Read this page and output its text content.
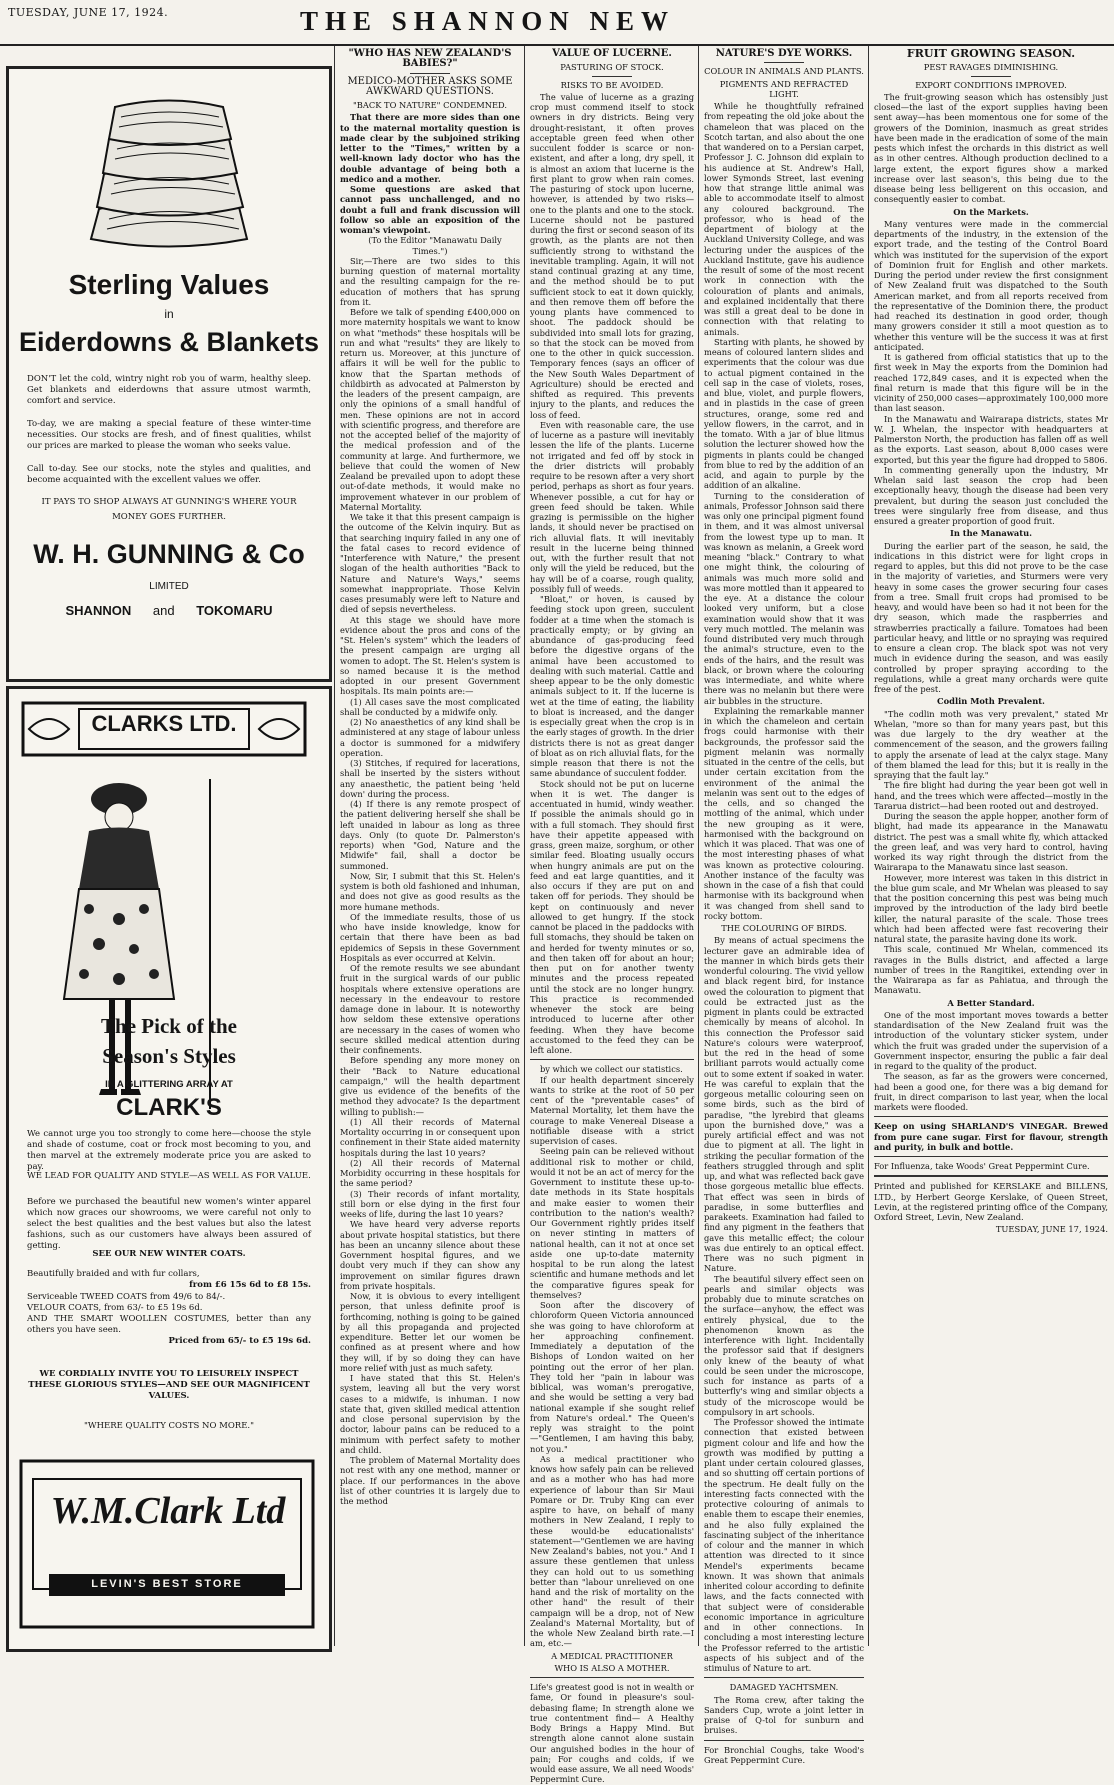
TUESDAY, JUNE 17, 1924.	THE SHANNON NEW
Sterling Values
in
Eiderdowns & Blankets
DON'T let the cold, wintry night rob you of warm, healthy sleep. Get blankets and eiderdowns that assure utmost warmth, comfort and service.
To-day, we are making a special feature of these winter-time necessities. Our stocks are fresh, and of finest qualities, whilst our prices are marked to please the woman who seeks value.
Call to-day. See our stocks, note the styles and qualities, and become acquainted with the excellent values we offer.
IT PAYS TO SHOP ALWAYS AT GUNNING'S WHERE YOUR
MONEY GOES FURTHER.
W. H. GUNNING & Co
LIMITED
SHANNON and TOKOMARU
CLARKS LTD.
The Pick of the
Season's Styles
IN A GLITTERING ARRAY AT
CLARK'S
We cannot urge you too strongly to come here—choose the style and shade of costume, coat or frock most becoming to you, and then marvel at the extremely moderate price you are asked to pay.
WE LEAD FOR QUALITY AND STYLE—AS WELL AS FOR VALUE.
Before we purchased the beautiful new women's winter apparel which now graces our showrooms, we were careful not only to select the best qualities and the best values but also the latest fashions, such as our customers have always been assured of getting.
SEE OUR NEW WINTER COATS.
Beautifully braided and with fur collars,
from £6 15s 6d to £8 15s.
Serviceable TWEED COATS from 49/6 to 84/-.
VELOUR COATS, from 63/- to £5 19s 6d.
AND THE SMART WOOLLEN COSTUMES, better than any others you have seen.
Priced from 65/- to £5 19s 6d.
WE CORDIALLY INVITE YOU TO LEISURELY INSPECT THESE GLORIOUS STYLES—AND SEE OUR MAGNIFICENT VALUES.
"WHERE QUALITY COSTS NO MORE."
W.M.Clark Ltd
LEVIN'S BEST STORE
"WHO HAS NEW ZEALAND'S BABIES?"
MEDICO-MOTHER ASKS SOME AWKWARD QUESTIONS.
"BACK TO NATURE" CONDEMNED.

That there are more sides than one to the maternal mortality question is made clear by the subjoined striking letter to the "Times," written by a well-known lady doctor who has the double advantage of being both a medico and a mother.

Some questions are asked that cannot pass unchallenged, and no doubt a full and frank discussion will follow so able an exposition of the woman's viewpoint.

(To the Editor "Manawatu Daily Times.")

Sir,—There are two sides to this burning question of maternal mortality and the resulting campaign for the re-education of mothers that has sprung from it.

Before we talk of spending £400,000 on more maternity hospitals we want to know on what "methods" these hospitals will be run and what "results" they are likely to return us. Moreover, at this juncture of affairs it will be well for the public to know that the Spartan methods of childbirth as advocated at Palmerston by the leaders of the present campaign, are only the opinions of a small handful of men. These opinions are not in accord with scientific progress, and therefore are not the accepted belief of the majority of the medical profession and of the community at large. And furthermore, we believe that could the women of New Zealand be prevailed upon to adopt these out-of-date methods, it would make no improvement whatever in our problem of Maternal Mortality.

We take it that this present campaign is the outcome of the Kelvin inquiry. But as that searching inquiry failed in any one of the fatal cases to record evidence of "Interference with Nature," the present slogan of the health authorities "Back to Nature and Nature's Ways," seems somewhat inappropriate. Those Kelvin cases presumably were left to Nature and died of sepsis nevertheless.

At this stage we should have more evidence about the pros and cons of the "St. Helen's system" which the leaders of the present campaign are urging all women to adopt. The St. Helen's system is so named because it is the method adopted in our present Government hospitals. Its main points are:—

(1) All cases save the most complicated shall be conducted by a midwife only.

(2) No anaesthetics of any kind shall be administered at any stage of labour unless a doctor is summoned for a midwifery operation.

(3) Stitches, if required for lacerations, shall be inserted by the sisters without any anaesthetic, the patient being 'held down' during the process.

(4) If there is any remote prospect of the patient delivering herself she shall be left unaided in labour as long as three days. Only (to quote Dr. Palmerston's reports) when "God, Nature and the Midwife" fail, shall a doctor be summoned.

Now, Sir, I submit that this St. Helen's system is both old fashioned and inhuman, and does not give as good results as the more humane methods.

Of the immediate results, those of us who have inside knowledge, know for certain that there have been as bad epidemics of Sepsis in these Government Hospitals as ever occurred at Kelvin.

Of the remote results we see abundant fruit in the surgical wards of our public hospitals where extensive operations are necessary in the endeavour to restore damage done in labour. It is noteworthy how seldom these extensive operations are necessary in the cases of women who secure skilled medical attention during their confinements.

Before spending any more money on their "Back to Nature educational campaign," will the health department give us evidence of the benefits of the method they advocate? Is the department willing to publish:—

(1) All their records of Maternal Mortality occurring in or consequent upon confinement in their State aided maternity hospitals during the last 10 years?

(2) All their records of Maternal Morbidity occurring in these hospitals for the same period?

(3) Their records of infant mortality, still born or else dying in the first four weeks of life, during the last 10 years?

We have heard very adverse reports about private hospital statistics, but there has been an uncanny silence about these Government hospital figures, and we doubt very much if they can show any improvement on similar figures drawn from private hospitals.

Now, it is obvious to every intelligent person, that unless definite proof is forthcoming, nothing is going to be gained by all this propaganda and projected expenditure. Better let our women be confined as at present where and how they will, if by so doing they can have more relief with just as much safety.

I have stated that this St. Helen's system, leaving all but the very worst cases to a midwife, is inhuman. I now state that, given skilled medical attention and close personal supervision by the doctor, labour pains can be reduced to a minimum with perfect safety to mother and child.

The problem of Maternal Mortality does not rest with any one method, manner or place. If our performances in the above list of other countries it is largely due to the method

VALUE OF LUCERNE.
PASTURING OF STOCK.
RISKS TO BE AVOIDED.

The value of lucerne as a grazing crop must commend itself to stock owners in dry districts. Being very drought-resistant, it often proves acceptable green feed when other succulent fodder is scarce or non-existent, and after a long, dry spell, it is almost an axiom that lucerne is the first plant to grow when rain comes. The pasturing of stock upon lucerne, however, is attended by two risks—one to the plants and one to the stock. Lucerne should not be pastured during the first or second season of its growth, as the plants are not then sufficiently strong to withstand the inevitable trampling. Again, it will not stand continual grazing at any time, and the method should be to put sufficient stock to eat it down quickly, and then remove them off before the young plants have commenced to shoot. The paddock should be subdivided into small lots for grazing, so that the stock can be moved from one to the other in quick succession. Temporary fences (says an officer of the New South Wales Department of Agriculture) should be erected and shifted as required. This prevents injury to the plants, and reduces the loss of feed.

Even with reasonable care, the use of lucerne as a pasture will inevitably lessen the life of the plants. Lucerne not irrigated and fed off by stock in the drier districts will probably require to be resown after a very short period, perhaps as short as four years. Whenever possible, a cut for hay or green feed should be taken. While grazing is permissible on the higher lands, it should never be practised on rich alluvial flats. It will inevitably result in the lucerne being thinned out, with the further result that not only will the yield be reduced, but the hay will be of a coarse, rough quality, possibly full of weeds.

"Bloat," or hoven, is caused by feeding stock upon green, succulent fodder at a time when the stomach is practically empty; or by giving an abundance of gas-producing feed before the digestive organs of the animal have been accustomed to dealing with such material. Cattle and sheep appear to be the only domestic animals subject to it. If the lucerne is wet at the time of eating, the liability to bloat is increased, and the danger is especially great when the crop is in the early stages of growth. In the drier districts there is not as great danger of bloat as on rich alluvial flats, for the simple reason that there is not the same abundance of succulent fodder.

Stock should not be put on lucerne when it is wet. The danger is accentuated in humid, windy weather. If possible the animals should go in with a full stomach. They should first have their appetite appeased with grass, green maize, sorghum, or other similar feed. Bloating usually occurs when hungry animals are put on the feed and eat large quantities, and it also occurs if they are put on and taken off for periods. They should be kept on continuously and never allowed to get hungry. If the stock cannot be placed in the paddocks with full stomachs, they should be taken on and herded for twenty minutes or so, and then taken off for about an hour; then put on for another twenty minutes and the process repeated until the stock are no longer hungry. This practice is recommended whenever the stock are being introduced to lucerne after other feeding. When they have become accustomed to the feed they can be left alone.

by which we collect our statistics.

If our health department sincerely wants to strike at the root of 50 per cent of the "preventable cases" of Maternal Mortality, let them have the courage to make Venereal Disease a notifiable disease with a strict supervision of cases.

Seeing pain can be relieved without additional risk to mother or child, would it not be an act of mercy for the Government to institute these up-to-date methods in its State hospitals and make easier to women their contribution to the nation's wealth? Our Government rightly prides itself on never stinting in matters of national health, can it not at once set aside one up-to-date maternity hospital to be run along the latest scientific and humane methods and let the comparative figures speak for themselves?

Soon after the discovery of chloroform Queen Victoria announced she was going to have chloroform at her approaching confinement. Immediately a deputation of the Bishops of London waited on her pointing out the error of her plan. They told her "pain in labour was biblical, was woman's prerogative, and she would be setting a very bad national example if she sought relief from Nature's ordeal." The Queen's reply was straight to the point—"Gentlemen, I am having this baby, not you."

As a medical practitioner who knows how safely pain can be relieved and as a mother who has had more experience of labour than Sir Maui Pomare or Dr. Truby King can ever aspire to have, on behalf of many mothers in New Zealand, I reply to these would-be educationalists' statement—"Gentlemen we are having New Zealand's babies, not you." And I assure these gentlemen that unless they can hold out to us something better than "labour unrelieved on one hand and the risk of mortality on the other hand" the result of their campaign will be a drop, not of New Zealand's Maternal Mortality, but of the whole New Zealand birth rate.—I am, etc.—

A MEDICAL PRACTITIONER
WHO IS ALSO A MOTHER.

Life's greatest good is not in wealth or fame, Or found in pleasure's soul-debasing flame; In strength alone we true contentment find— A Healthy Body Brings a Happy Mind. But strength alone cannot alone sustain Our anguished bodies in the hour of pain; For coughs and colds, if we would ease assure, We all need Woods' Peppermint Cure.

NATURE'S DYE WORKS.
COLOUR IN ANIMALS AND PLANTS.
PIGMENTS AND REFRACTED LIGHT.

While he thoughtfully refrained from repeating the old joke about the chameleon that was placed on the Scotch tartan, and also about the one that wandered on to a Persian carpet, Professor J. C. Johnson did explain to his audience at St. Andrew's Hall, lower Symonds Street, last evening how that strange little animal was able to accommodate itself to almost any coloured background. The professor, who is head of the department of biology at the Auckland University College, and was lecturing under the auspices of the Auckland Institute, gave his audience the result of some of the most recent work in connection with the colouration of plants and animals, and explained incidentally that there was still a great deal to be done in connection with that relating to animals.

Starting with plants, he showed by means of coloured lantern slides and experiments that the colour was due to actual pigment contained in the cell sap in the case of violets, roses, and blue, violet, and purple flowers, and in plastids in the case of green structures, orange, some red and yellow flowers, in the carrot, and in the tomato. With a jar of blue litmus solution the lecturer showed how the pigments in plants could be changed from blue to red by the addition of an acid, and again to purple by the addition of an alkaline.

Turning to the consideration of animals, Professor Johnson said there was only one principal pigment found in them, and it was almost universal from the lowest type up to man. It was known as melanin, a Greek word meaning "black." Contrary to what one might think, the colouring of animals was much more solid and was more mottled than it appeared to the eye. At a distance the colour looked very uniform, but a close examination would show that it was very much mottled. The melanin was found distributed very much through the animal's structure, even to the ends of the hairs, and the result was black, or brown where the colouring was intermediate, and white where there was no melanin but there were air bubbles in the structure.

Explaining the remarkable manner in which the chameleon and certain frogs could harmonise with their backgrounds, the professor said the pigment melanin was normally situated in the centre of the cells, but under certain excitation from the environment of the animal the melanin was sent out to the edges of the cells, and so changed the mottling of the animal, which under the new grouping as it were, harmonised with the background on which it was placed. That was one of the most interesting phases of what was known as protective colouring. Another instance of the faculty was shown in the case of a fish that could harmonise with its background when it was changed from shell sand to rocky bottom.

THE COLOURING OF BIRDS.

By means of actual specimens the lecturer gave an admirable idea of the manner in which birds gets their wonderful colouring. The vivid yellow and black regent bird, for instance owed the colouration to pigment that could be extracted just as the pigment in plants could be extracted chemically by means of alcohol. In this connection the Professor said Nature's colours were waterproof, but the red in the head of some brilliant parrots would actually come out to some extent if soaked in water. He was careful to explain that the gorgeous metallic colouring seen on some birds, such as the bird of paradise, "the lyrebird that gleams upon the burnished dove," was a purely artificial effect and was not due to pigment at all. The light in striking the peculiar formation of the feathers struggled through and split up, and what was reflected back gave those gorgeous metallic blue effects. That effect was seen in birds of paradise, in some butterflies and parakeets. Examination had failed to find any pigment in the feathers that gave this metallic effect; the colour was due entirely to an optical effect. There was no such pigment in Nature.

The beautiful silvery effect seen on pearls and similar objects was probably due to minute scratches on the surface—anyhow, the effect was entirely physical, due to the phenomenon known as the interference with light. Incidentally the professor said that if designers only knew of the beauty of what could be seen under the microscope, such for instance as parts of a butterfly's wing and similar objects a study of the microscope would be compulsory in art schools.

The Professor showed the intimate connection that existed between pigment colour and life and how the growth was modified by putting a plant under certain coloured glasses, and so shutting off certain portions of the spectrum. He dealt fully on the interesting facts connected with the protective colouring of animals to enable them to escape their enemies, and he also fully explained the fascinating subject of the inheritance of colour and the manner in which attention was directed to it since Mendel's experiments became known. It was shown that animals inherited colour according to definite laws, and the facts connected with that subject were of considerable economic importance in agriculture and in other connections. In concluding a most interesting lecture the Professor referred to the artistic aspects of his subject and of the stimulus of Nature to art.

DAMAGED YACHTSMEN.

The Roma crew, after taking the Sanders Cup, wrote a joint letter in praise of Q-tol for sunburn and bruises.

For Bronchial Coughs, take Wood's Great Peppermint Cure.

FRUIT GROWING SEASON.
PEST RAVAGES DIMINISHING.
EXPORT CONDITIONS IMPROVED.

The fruit-growing season which has ostensibly just closed—the last of the export supplies having been sent away—has been momentous one for some of the growers of the Dominion, inasmuch as great strides have been made in the eradication of some of the main pests which infest the orchards in this district as well as in other centres. Although production declined to a large extent, the export figures show a marked increase over last season's, this being due to the disease being less belligerent on this occasion, and consequently easier to combat.

On the Markets.

Many ventures were made in the commercial departments of the industry, in the extension of the export trade, and the testing of the Control Board which was instituted for the supervision of the export of Dominion fruit for English and other markets. During the period under review the first consignment of New Zealand fruit was dispatched to the South American market, and from all reports received from the representative of the Dominion there, the product had reached its destination in good order, though many growers consider it still a moot question as to whether this venture will be the success it was at first anticipated.

It is gathered from official statistics that up to the first week in May the exports from the Dominion had reached 172,849 cases, and it is expected when the final return is made that this figure will be in the vicinity of 250,000 cases—approximately 100,000 more than last season.

In the Manawatu and Wairarapa districts, states Mr W. J. Whelan, the inspector with headquarters at Palmerston North, the production has fallen off as well as the exports. Last season, about 8,000 cases were exported, but this year the figure had dropped to 5806.

In commenting generally upon the industry, Mr Whelan said last season the crop had been exceptionally heavy, though the disease had been very prevalent, but during the season just concluded the trees were singularly free from disease, and thus ensured a greater proportion of good fruit.

In the Manawatu.

During the earlier part of the season, he said, the indications in this district were for light crops in regard to apples, but this did not prove to be the case in the majority of varieties, and Sturmers were very heavy in some cases the grower securing four cases from a tree. Small fruit crops had promised to be heavy, and would have been so had it not been for the dry season, which made the raspberries and strawberries practically a failure. Tomatoes had been particular heavy, and little or no spraying was required to ensure a clean crop. The black spot was not very much in evidence during the season, and was easily controlled by proper spraying according to the regulations, while a great many orchards were quite free of the pest.

Codlin Moth Prevalent.

"The codlin moth was very prevalent," stated Mr Whelan, "more so than for many years past, but this was due largely to the dry weather at the commencement of the season, and the growers failing to apply the arsenate of lead at the calyx stage. Many of them blamed the lead for this; but it is really in the spraying that the fault lay."

The fire blight had during the year been got well in hand, and the trees which were affected—mostly in the Tararua district—had been rooted out and destroyed.

During the season the apple hopper, another form of blight, had made its appearance in the Manawatu district. The pest was a small white fly, which attacked the green leaf, and was very hard to control, having worked its way right through the district from the Wairarapa to the Manawatu since last season.

However, more interest was taken in this district in the blue gum scale, and Mr Whelan was pleased to say that the position concerning this pest was being much improved by the introduction of the lady bird beetle killer, the natural parasite of the scale. Those trees which had been affected were fast recovering their natural state, the parasite having done its work.

This scale, continued Mr Whelan, commenced its ravages in the Bulls district, and affected a large number of trees in the Rangitikei, extending over in the Wairarapa as far as Pahiatua, and through the Manawatu.

A Better Standard.

One of the most important moves towards a better standardisation of the New Zealand fruit was the introduction of the voluntary sticker system, under which the fruit was graded under the supervision of a Government inspector, ensuring the public a fair deal in regard to the quality of the product.

The season, as far as the growers were concerned, had been a good one, for there was a big demand for fruit, in direct comparison to last year, when the local markets were flooded.

Keep on using SHARLAND'S VINEGAR. Brewed from pure cane sugar. First for flavour, strength and purity, in bulk and bottle.

For Influenza, take Woods' Great Peppermint Cure.

Printed and published for KERSLAKE and BILLENS, LTD., by Herbert George Kerslake, of Queen Street, Levin, at the registered printing office of the Company, Oxford Street, Levin, New Zealand.

TUESDAY, JUNE 17, 1924.
